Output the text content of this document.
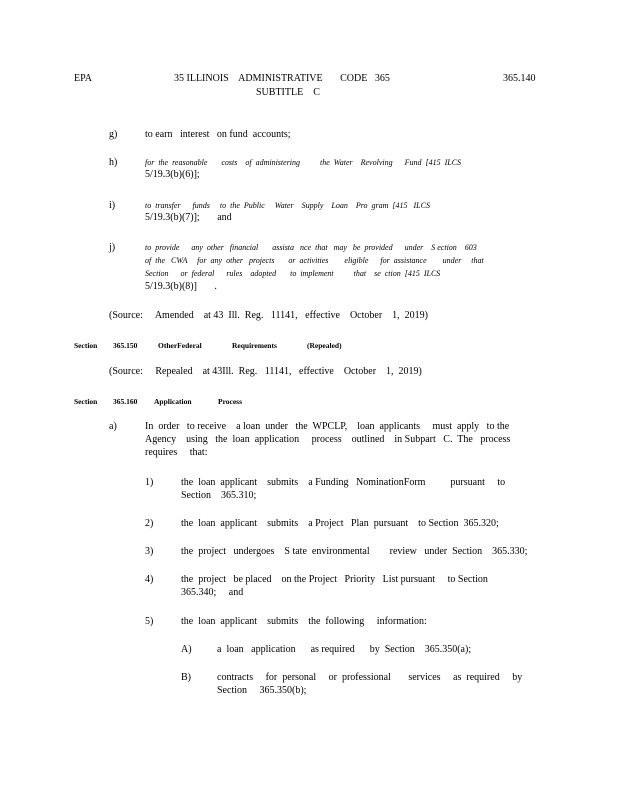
EPA	35 ILLINOIS    ADMINISTRATIVE       CODE   365
SUBTITLE    C
365.140
g)	to earn   interest   on fund  accounts;
h)	for  the  reasonable       costs    of  administering          the  Water    Revolving      Fund  [415  ILCS
5/19.3(b)(6)];
i)	to  transfer      funds     to  the  Public     Water    Supply    Loan    Pro  gram  [415   ILCS
5/19.3(b)(7)];       and
j)	to  provide      any  other   financial       assista   nce  that   may   be  provided      under    S ection    603
of  the   CWA     for  any  other   projects       or  activities        eligible      for  assistance        under     that
Section      or  federal      rules    adopted       to  implement          that    se  ction  [415  ILCS
5/19.3(b)(8)]       .
(Source:     Amended    at 43  Ill.  Reg.   11141,   effective    October    1,  2019)
Section 365.150	OtherFederal	Requirements	(Repealed)
(Source:     Repealed    at 43Ill.  Reg.   11141,   effective    October    1,  2019)
Section 365.160 Application	Process
a)	In  order   to receive    a loan  under   the  WPCLP,    loan  applicants     must  apply   to the
Agency    using   the  loan  application     process    outlined    in Subpart   C.  The   process
requires     that:
1)	the  loan  applicant    submits    a Funding   NominationForm          pursuant     to
Section    365.310;
2)	the  loan  applicant    submits    a Project   Plan  pursuant    to Section  365.320;
3)	the  project   undergoes    S tate  environmental        review   under  Section    365.330;
4)	the  project   be placed    on the Project   Priority   List pursuant     to Section
365.340;     and
5)	the  loan  applicant    submits    the  following     information:
A)	a  loan   application      as required      by  Section    365.350(a);
B)	contracts     for  personal     or  professional       services     as  required     by
Section     365.350(b);
